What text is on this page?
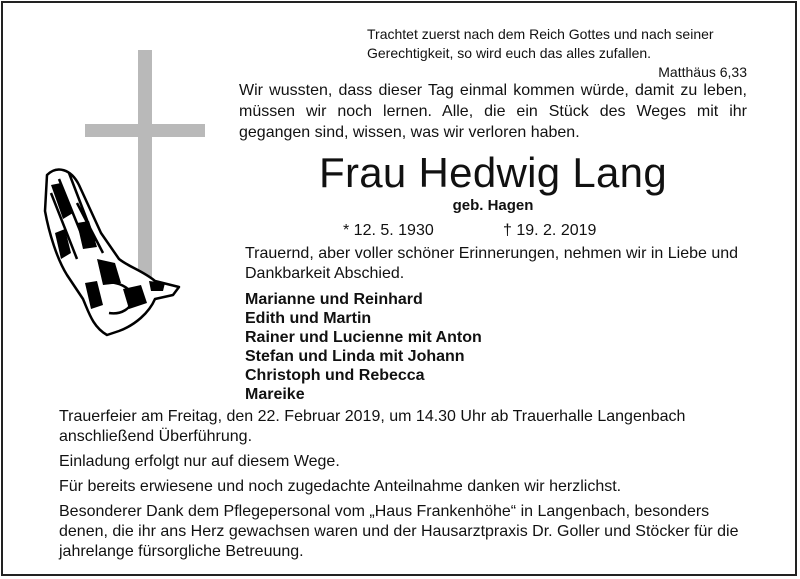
Trachtet zuerst nach dem Reich Gottes und nach seiner
Gerechtigkeit, so wird euch das alles zufallen.
Matthäus 6,33
Wir wussten, dass dieser Tag einmal kommen würde, damit zu leben, müssen wir noch lernen. Alle, die ein Stück des Weges mit ihr gegangen sind, wissen, was wir verloren haben.
Frau Hedwig Lang
geb. Hagen
* 12. 5. 1930	† 19. 2. 2019
Trauernd, aber voller schöner Erinnerungen, nehmen wir in Liebe und Dankbarkeit Abschied.
Marianne und Reinhard
Edith und Martin
Rainer und Lucienne mit Anton
Stefan und Linda mit Johann
Christoph und Rebecca
Mareike

Trauerfeier am Freitag, den 22. Februar 2019, um 14.30 Uhr ab Trauerhalle Langenbach anschließend Überführung.

Einladung erfolgt nur auf diesem Wege.

Für bereits erwiesene und noch zugedachte Anteilnahme danken wir herzlichst.

Besonderer Dank dem Pflegepersonal vom „Haus Frankenhöhe“ in Langenbach, besonders denen, die ihr ans Herz gewachsen waren und der Hausarztpraxis Dr. Goller und Stöcker für die jahrelange fürsorgliche Betreuung.
